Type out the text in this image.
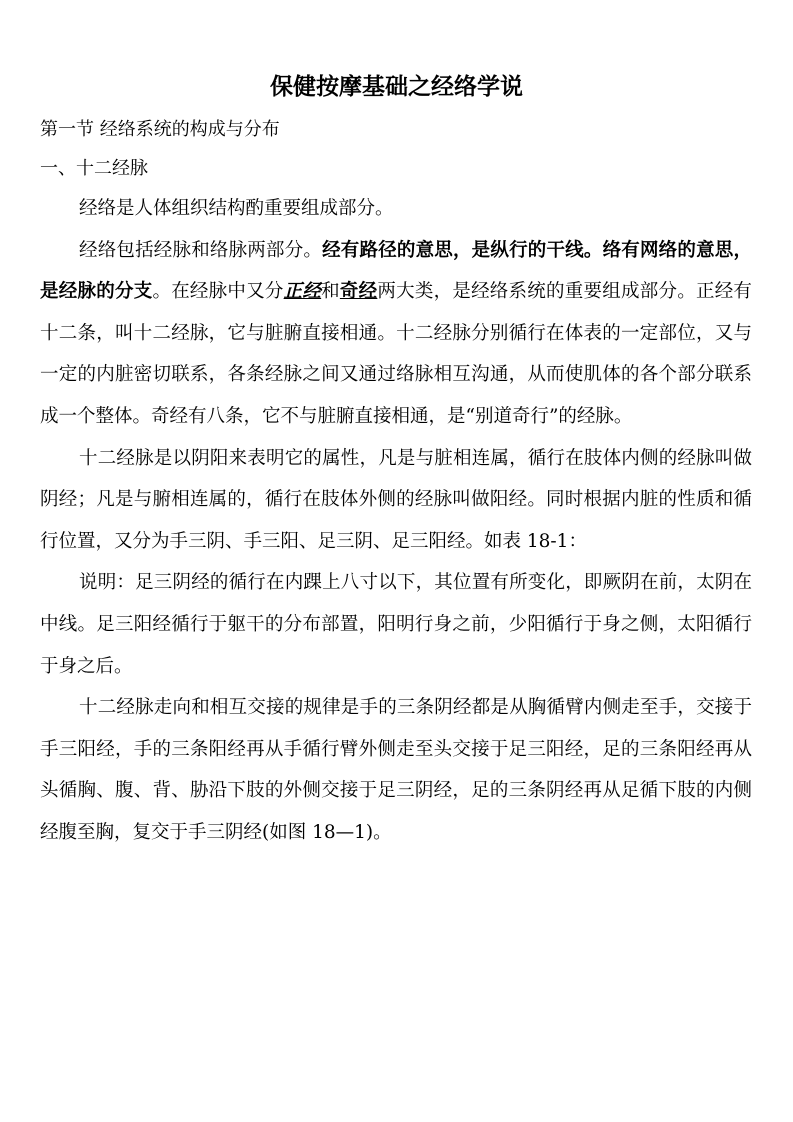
保健按摩基础之经络学说
第一节 经络系统的构成与分布
一、十二经脉
经络是人体组织结构酌重要组成部分。
经络包括经脉和络脉两部分。经有路径的意思，是纵行的干线。络有网络的意思，
是经脉的分支。在经脉中又分正经和奇经两大类，是经络系统的重要组成部分。正经有
十二条，叫十二经脉，它与脏腑直接相通。十二经脉分别循行在体表的一定部位，又与
一定的内脏密切联系，各条经脉之间又通过络脉相互沟通，从而使肌体的各个部分联系
成一个整体。奇经有八条，它不与脏腑直接相通，是“别道奇行”的经脉。
十二经脉是以阴阳来表明它的属性，凡是与脏相连属，循行在肢体内侧的经脉叫做
阴经；凡是与腑相连属的，循行在肢体外侧的经脉叫做阳经。同时根据内脏的性质和循
行位置，又分为手三阴、手三阳、足三阴、足三阳经。如表 18-1：
说明：足三阴经的循行在内踝上八寸以下，其位置有所变化，即厥阴在前，太阴在
中线。足三阳经循行于躯干的分布部置，阳明行身之前，少阳循行于身之侧，太阳循行
于身之后。
十二经脉走向和相互交接的规律是手的三条阴经都是从胸循臂内侧走至手，交接于
手三阳经，手的三条阳经再从手循行臂外侧走至头交接于足三阳经，足的三条阳经再从
头循胸、腹、背、胁沿下肢的外侧交接于足三阴经，足的三条阴经再从足循下肢的内侧
经腹至胸，复交于手三阴经(如图 18—1)。
